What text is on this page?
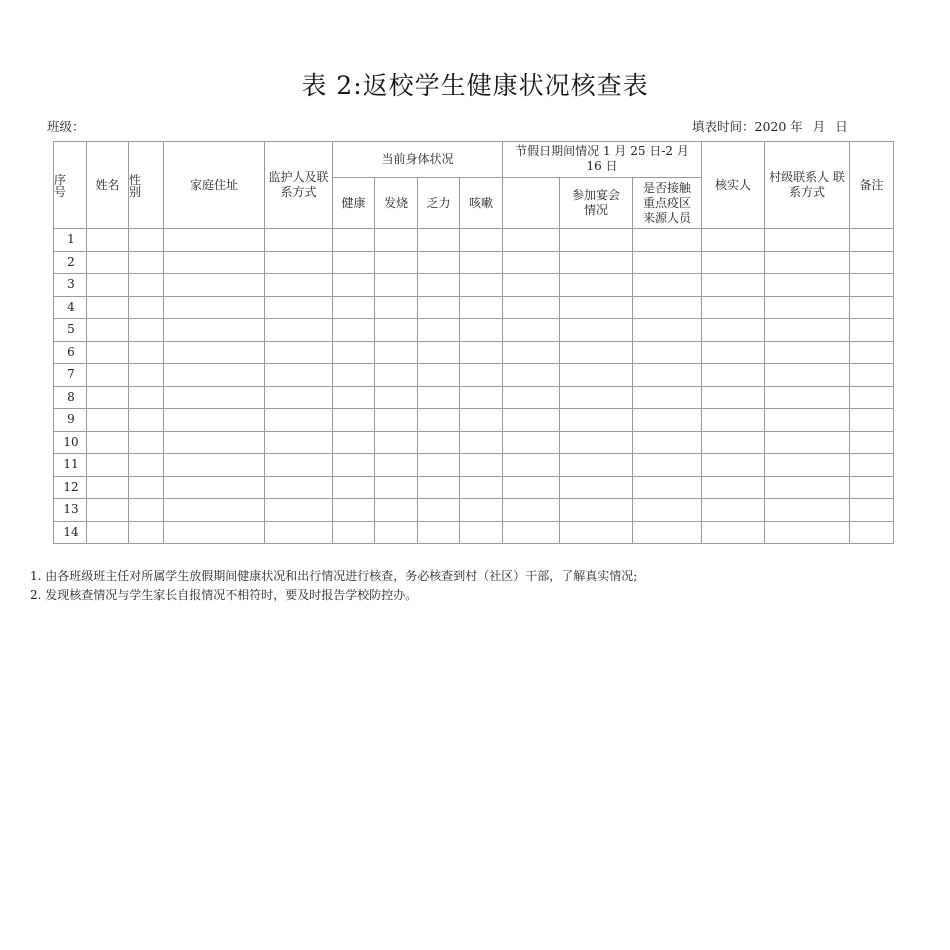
表 2:返校学生健康状况核查表
班级：	填表时间：2020 年 月 日
序号	姓名	性别	家庭住址	监护人及联系方式	当前身体状况				节假日期间情况 1 月 25 日-2 月 16 日			核实人	村级联系人 联系方式	备注
					健康	发烧	乏力	咳嗽		参加宴会情况	是否接触重点疫区来源人员			

1														

2														

3														

4														

5														

6														

7														

8														

9														

10														

11														

12														

13														

14														

1. 由各班级班主任对所属学生放假期间健康状况和出行情况进行核查，务必核查到村（社区）干部，了解真实情况;
2. 发现核查情况与学生家长自报情况不相符时，要及时报告学校防控办。
